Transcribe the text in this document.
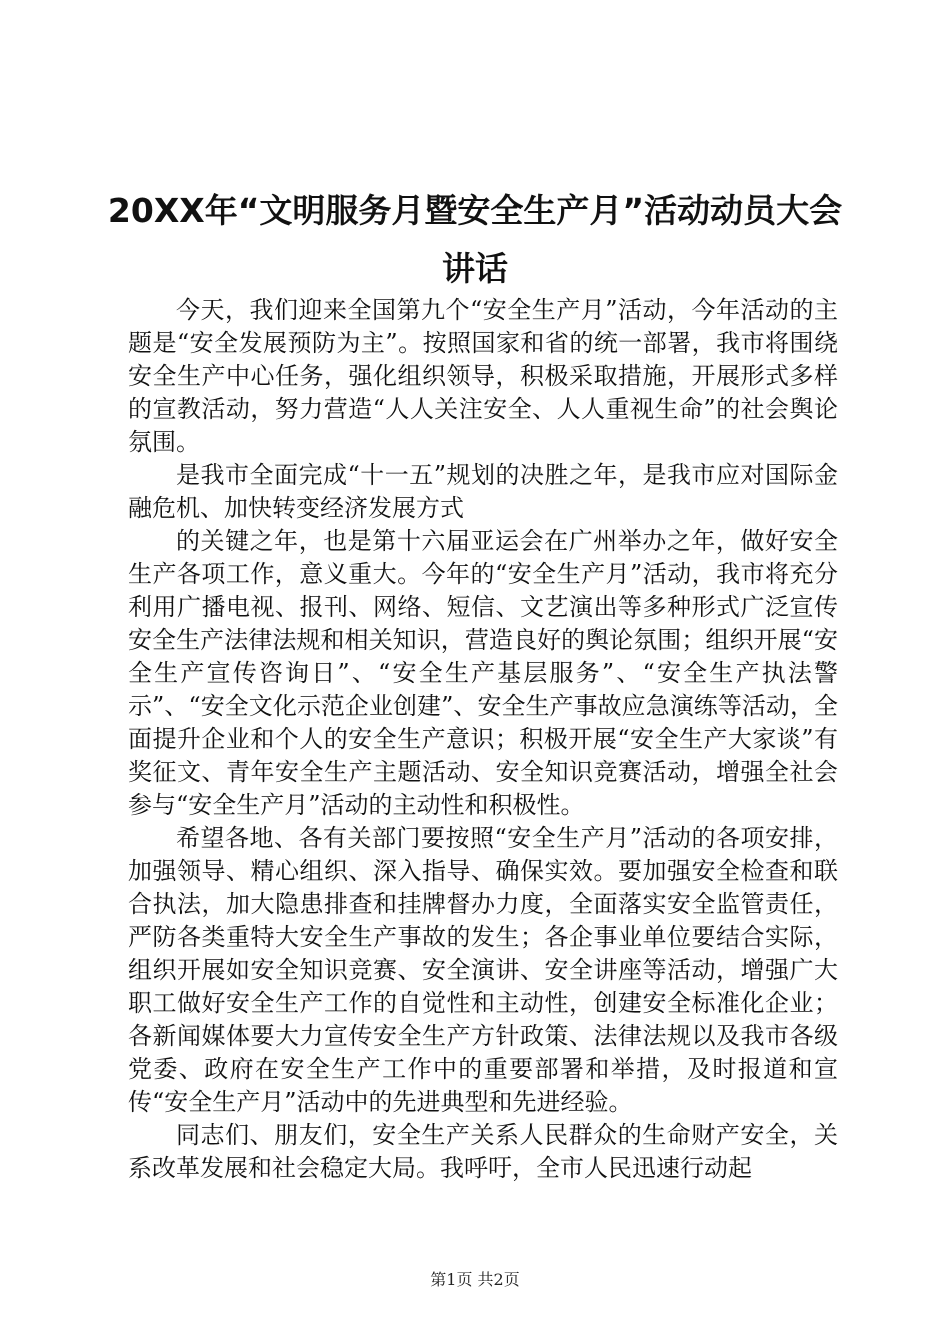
20XX年“文明服务月暨安全生产月”活动动员大会讲话

今天，我们迎来全国第九个“安全生产月”活动，今年活动的主题是“安全发展预防为主”。按照国家和省的统一部署，我市将围绕安全生产中心任务，强化组织领导，积极采取措施，开展形式多样的宣教活动，努力营造“人人关注安全、人人重视生命”的社会舆论氛围。

是我市全面完成“十一五”规划的决胜之年，是我市应对国际金融危机、加快转变经济发展方式

的关键之年，也是第十六届亚运会在广州举办之年，做好安全生产各项工作，意义重大。今年的“安全生产月”活动，我市将充分利用广播电视、报刊、网络、短信、文艺演出等多种形式广泛宣传安全生产法律法规和相关知识，营造良好的舆论氛围；组织开展“安全生产宣传咨询日”、“安全生产基层服务”、“安全生产执法警示”、“安全文化示范企业创建”、安全生产事故应急演练等活动，全面提升企业和个人的安全生产意识；积极开展“安全生产大家谈”有奖征文、青年安全生产主题活动、安全知识竞赛活动，增强全社会参与“安全生产月”活动的主动性和积极性。

希望各地、各有关部门要按照“安全生产月”活动的各项安排，加强领导、精心组织、深入指导、确保实效。要加强安全检查和联合执法，加大隐患排查和挂牌督办力度，全面落实安全监管责任，严防各类重特大安全生产事故的发生；各企事业单位要结合实际，组织开展如安全知识竞赛、安全演讲、安全讲座等活动，增强广大职工做好安全生产工作的自觉性和主动性，创建安全标准化企业；各新闻媒体要大力宣传安全生产方针政策、法律法规以及我市各级党委、政府在安全生产工作中的重要部署和举措，及时报道和宣传“安全生产月”活动中的先进典型和先进经验。

同志们、朋友们，安全生产关系人民群众的生命财产安全，关系改革发展和社会稳定大局。我呼吁，全市人民迅速行动起

第1页 共2页
